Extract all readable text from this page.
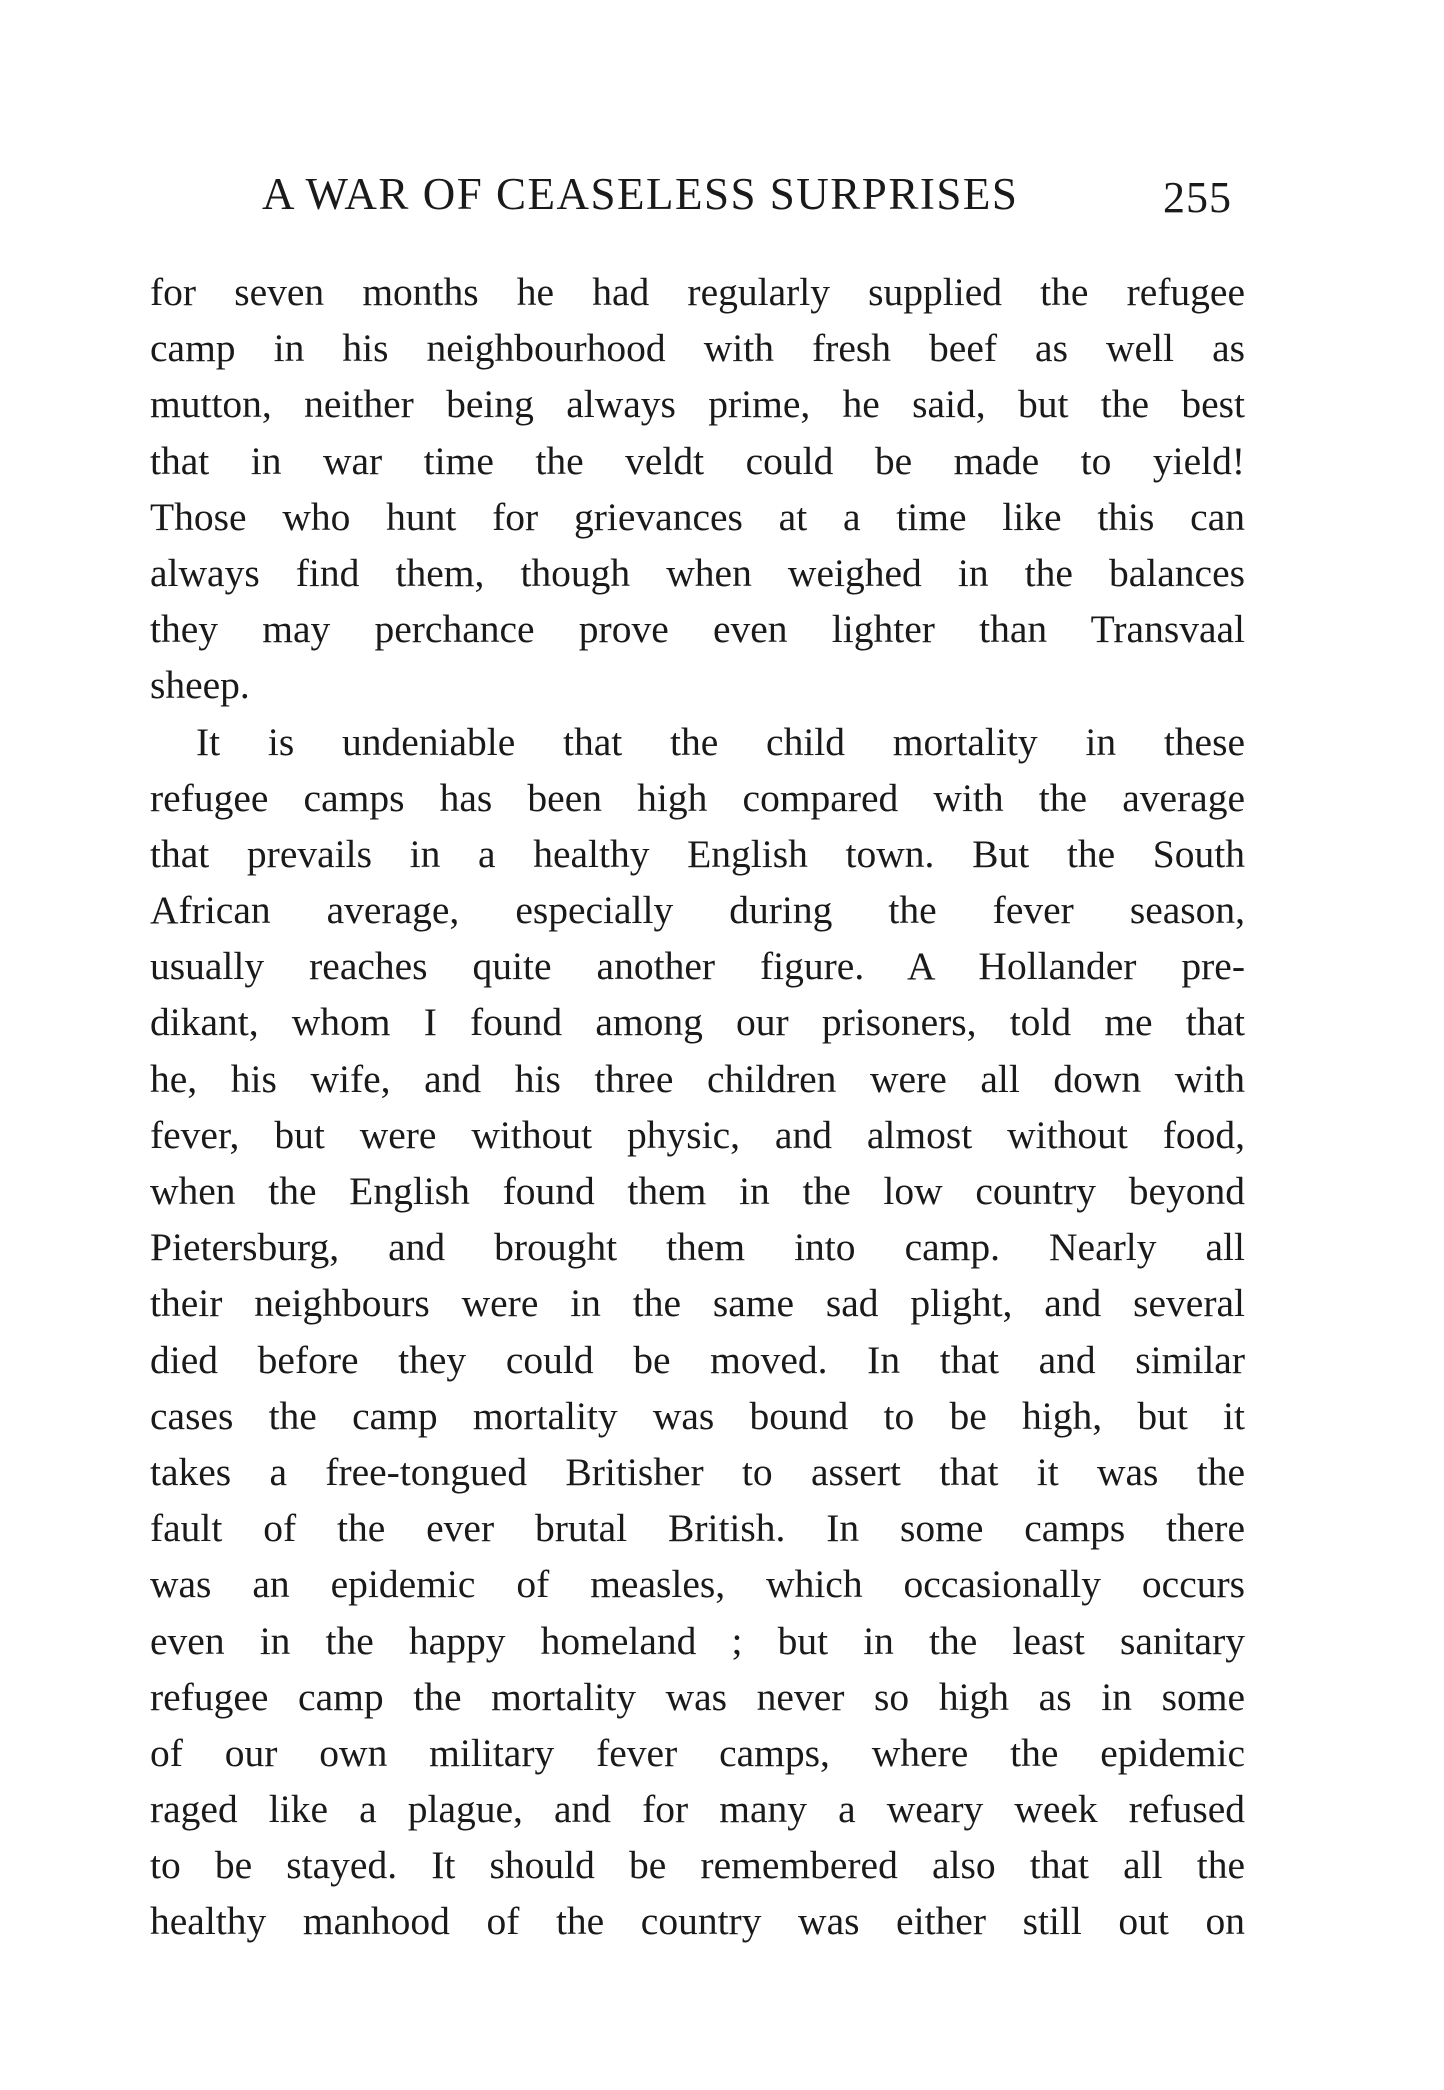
A WAR OF CEASELESS SURPRISES	255
for seven months he had regularly supplied the refugee
camp in his neighbourhood with fresh beef as well as
mutton, neither being always prime, he said, but the best
that in war time the veldt could be made to yield!
Those who hunt for grievances at a time like this can
always find them, though when weighed in the balances
they may perchance prove even lighter than Transvaal
sheep.
It is undeniable that the child mortality in these
refugee camps has been high compared with the average
that prevails in a healthy English town. But the South
African average, especially during the fever season,
usually reaches quite another figure. A Hollander pre-
dikant, whom I found among our prisoners, told me that
he, his wife, and his three children were all down with
fever, but were without physic, and almost without food,
when the English found them in the low country beyond
Pietersburg, and brought them into camp. Nearly all
their neighbours were in the same sad plight, and several
died before they could be moved. In that and similar
cases the camp mortality was bound to be high, but it
takes a free-tongued Britisher to assert that it was the
fault of the ever brutal British. In some camps there
was an epidemic of measles, which occasionally occurs
even in the happy homeland ; but in the least sanitary
refugee camp the mortality was never so high as in some
of our own military fever camps, where the epidemic
raged like a plague, and for many a weary week refused
to be stayed. It should be remembered also that all the
healthy manhood of the country was either still out on
